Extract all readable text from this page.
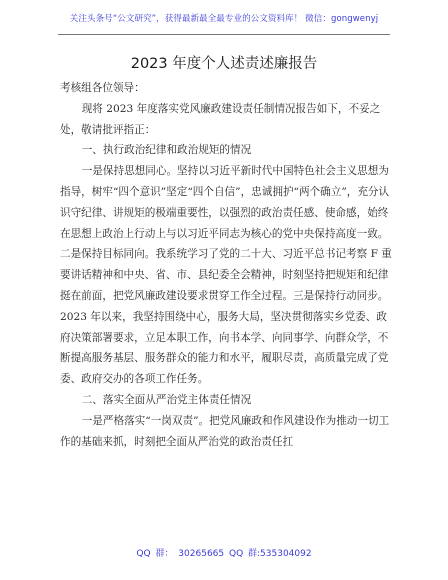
关注头条号“公文研究”，获得最新最全最专业的公文资料库！ 微信：gongwenyj
2023 年度个人述责述廉报告

考核组各位领导：

现将 2023 年度落实党风廉政建设责任制情况报告如下，不妥之处，敬请批评指正：

一、执行政治纪律和政治规矩的情况

一是保持思想同心。坚持以习近平新时代中国特色社会主义思想为指导，树牢“四个意识”坚定“四个自信”，忠诚拥护“两个确立”，充分认识守纪律、讲规矩的极端重要性，以强烈的政治责任感、使命感，始终在思想上政治上行动上与以习近平同志为核心的党中央保持高度一致。二是保持目标同向。我系统学习了党的二十大、习近平总书记考察 F 重要讲话精神和中央、省、市、县纪委全会精神，时刻坚持把规矩和纪律挺在前面，把党风廉政建设要求贯穿工作全过程。三是保持行动同步。2023 年以来，我坚持围绕中心，服务大局，坚决贯彻落实乡党委、政府决策部署要求，立足本职工作，向书本学、向同事学、向群众学，不断提高服务基层、服务群众的能力和水平，履职尽责，高质量完成了党委、政府交办的各项工作任务。

二、落实全面从严治党主体责任情况

一是严格落实“一岗双责”。把党风廉政和作风建设作为推动一切工作的基础来抓，时刻把全面从严治党的政治责任扛

QQ 群： 30265665 QQ 群:535304092
